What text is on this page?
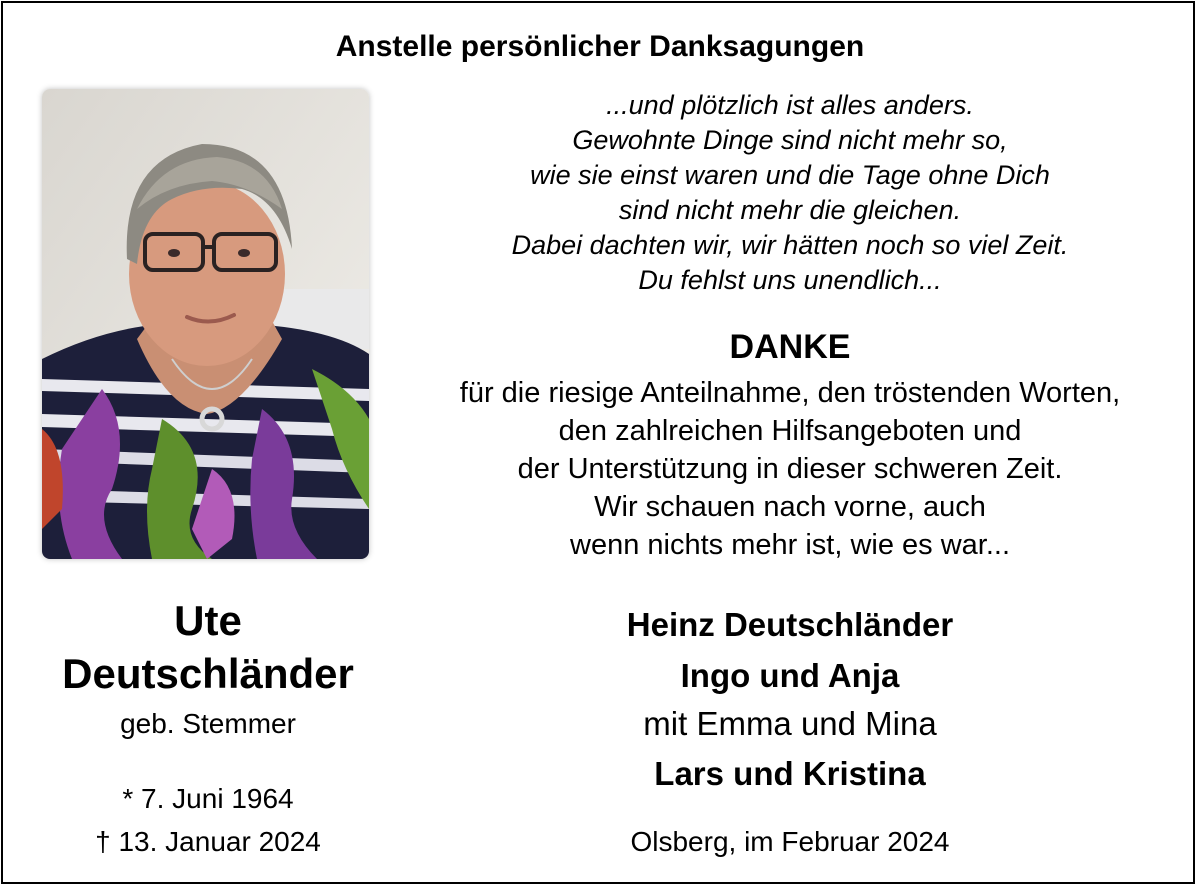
Anstelle persönlicher Danksagungen
Ute
Deutschländer
geb. Stemmer
* 7. Juni 1964
† 13. Januar 2024
...und plötzlich ist alles anders.
Gewohnte Dinge sind nicht mehr so,
wie sie einst waren und die Tage ohne Dich
sind nicht mehr die gleichen.
Dabei dachten wir, wir hätten noch so viel Zeit.
Du fehlst uns unendlich...
DANKE
für die riesige Anteilnahme, den tröstenden Worten,
den zahlreichen Hilfsangeboten und
der Unterstützung in dieser schweren Zeit.
Wir schauen nach vorne, auch
wenn nichts mehr ist, wie es war...
Heinz Deutschländer
Ingo und Anja
mit Emma und Mina
Lars und Kristina
Olsberg, im Februar 2024
